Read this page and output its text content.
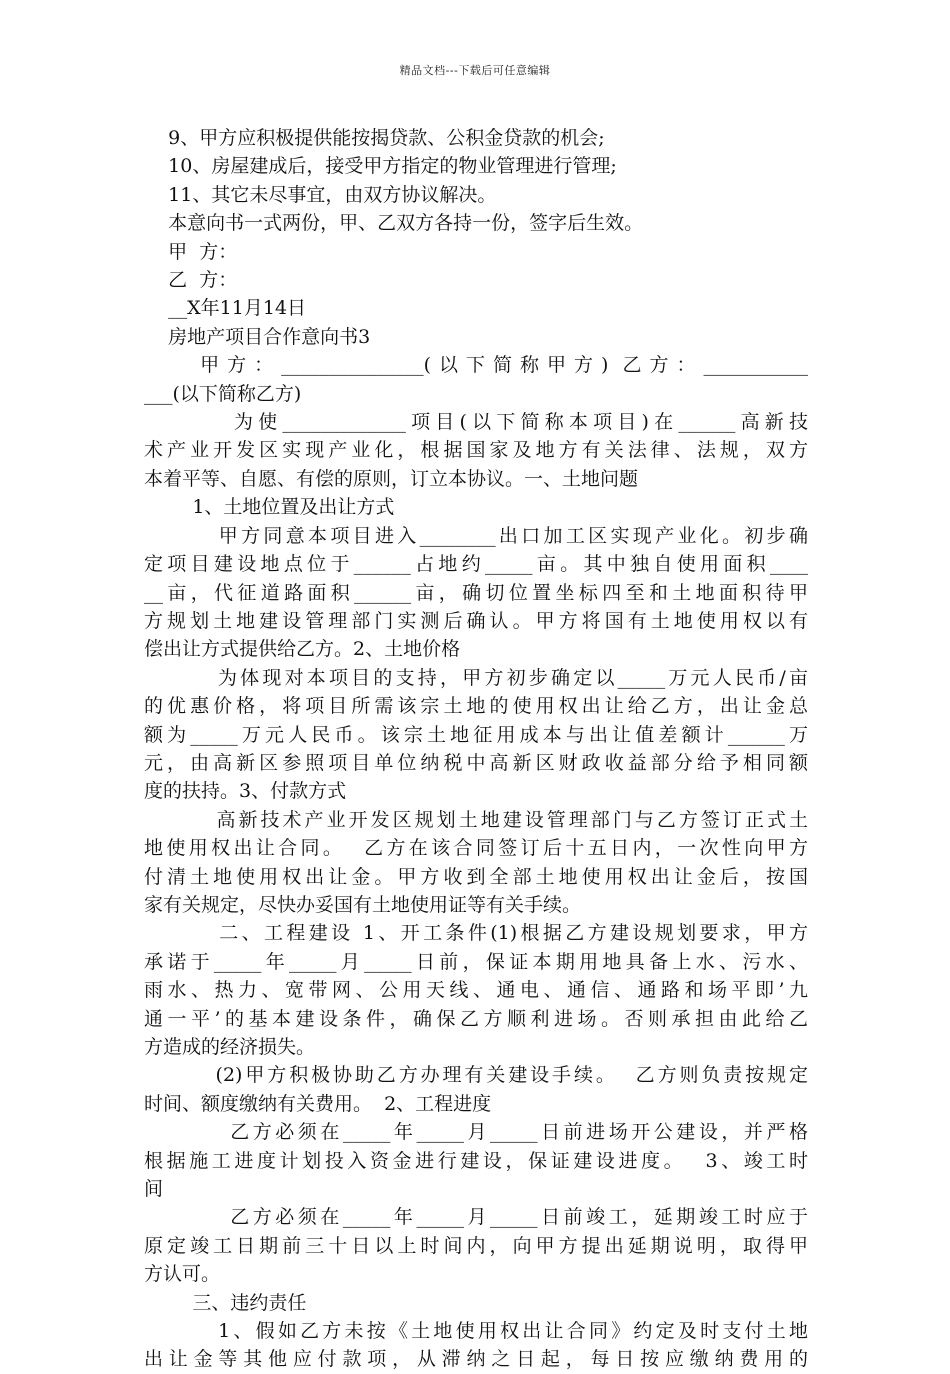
精品文档---下载后可任意编辑
9、甲方应积极提供能按揭贷款、公积金贷款的机会;
10、房屋建成后，接受甲方指定的物业管理进行管理;
11、其它未尽事宜，由双方协议解决。
本意向书一式两份，甲、乙双方各持一份，签字后生效。
甲  方：
乙  方：
__X年11月14日
房地产项目合作意向书3
甲方：_______________(以下简称甲方) 乙方：___________
___(以下简称乙方)
为使_____________项目(以下简称本项目)在______高新技
术产业开发区实现产业化，根据国家及地方有关法律、法规，双方
本着平等、自愿、有偿的原则，订立本协议。一、土地问题
1、土地位置及出让方式
甲方同意本项目进入________出口加工区实现产业化。初步确
定项目建设地点位于______占地约_____亩。其中独自使用面积____
__亩，代征道路面积______亩，确切位置坐标四至和土地面积待甲
方规划土地建设管理部门实测后确认。甲方将国有土地使用权以有
偿出让方式提供给乙方。2、土地价格
为体现对本项目的支持，甲方初步确定以_____万元人民币/亩
的优惠价格，将项目所需该宗土地的使用权出让给乙方，出让金总
额为_____万元人民币。该宗土地征用成本与出让值差额计______万
元，由高新区参照项目单位纳税中高新区财政收益部分给予相同额
度的扶持。3、付款方式
高新技术产业开发区规划土地建设管理部门与乙方签订正式土
地使用权出让合同。  乙方在该合同签订后十五日内，一次性向甲方
付清土地使用权出让金。甲方收到全部土地使用权出让金后，按国
家有关规定，尽快办妥国有土地使用证等有关手续。
二、工程建设 1、开工条件(1)根据乙方建设规划要求，甲方
承诺于_____年_____月_____日前，保证本期用地具备上水、污水、
雨水、热力、宽带网、公用天线、通电、通信、通路和场平即’九
通一平’的基本建设条件，确保乙方顺利进场。否则承担由此给乙
方造成的经济损失。
(2)甲方积极协助乙方办理有关建设手续。  乙方则负责按规定
时间、额度缴纳有关费用。  2、工程进度
乙方必须在_____年_____月_____日前进场开公建设，并严格
根据施工进度计划投入资金进行建设，保证建设进度。  3、竣工时
间
乙方必须在_____年_____月_____日前竣工，延期竣工时应于
原定竣工日期前三十日以上时间内，向甲方提出延期说明，取得甲
方认可。
三、违约责任
1、假如乙方未按《土地使用权出让合同》约定及时支付土地
出让金等其他应付款项，从滞纳之日起，每日按应缴纳费用的
